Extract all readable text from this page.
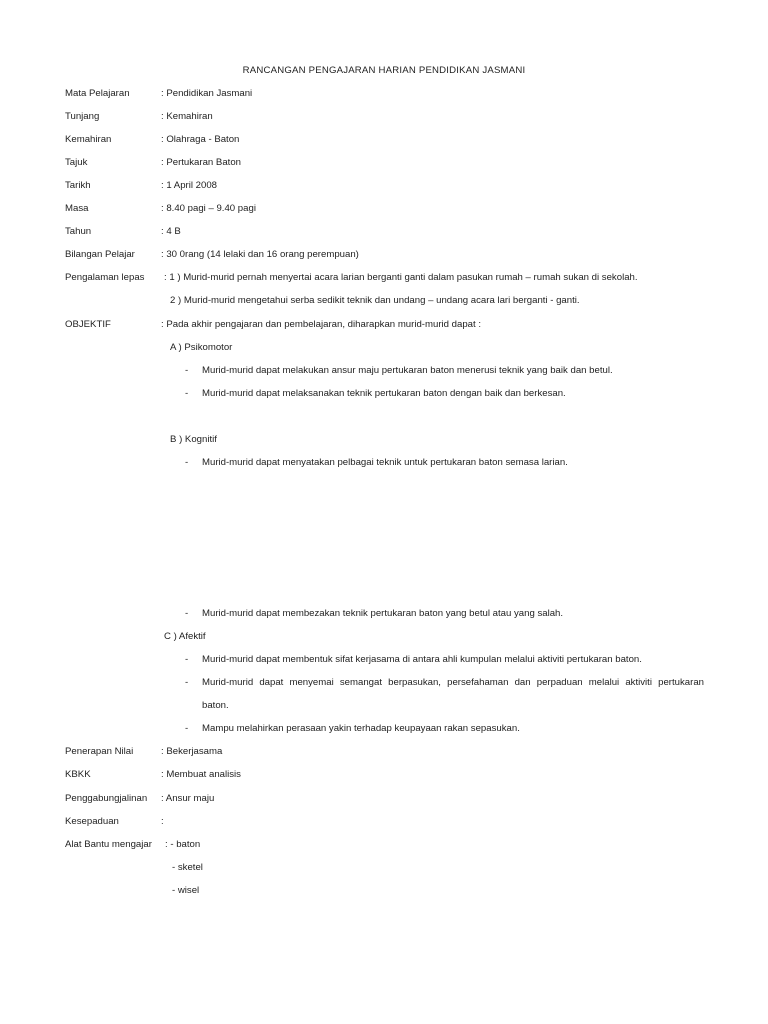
RANCANGAN PENGAJARAN HARIAN PENDIDIKAN JASMANI
Mata Pelajaran	: Pendidikan Jasmani
Tunjang	: Kemahiran
Kemahiran	: Olahraga - Baton
Tajuk	: Pertukaran Baton
Tarikh	: 1 April 2008
Masa	: 8.40 pagi – 9.40 pagi
Tahun	: 4 B
Bilangan Pelajar	: 30 0rang (14 lelaki dan 16 orang perempuan)
Pengalaman lepas : 1 ) Murid-murid pernah menyertai acara larian berganti ganti dalam pasukan rumah – rumah sukan di sekolah.
2 ) Murid-murid mengetahui serba sedikit teknik dan undang – undang acara lari berganti - ganti.
OBJEKTIF	: Pada akhir pengajaran dan pembelajaran, diharapkan murid-murid dapat :
A ) Psikomotor
- Murid-murid dapat melakukan ansur maju pertukaran baton menerusi teknik yang baik dan betul.
- Murid-murid dapat melaksanakan teknik pertukaran baton dengan baik dan berkesan.
B ) Kognitif
- Murid-murid dapat menyatakan pelbagai teknik untuk pertukaran baton semasa larian.
- Murid-murid dapat membezakan teknik pertukaran baton yang betul atau yang salah.
C ) Afektif
- Murid-murid dapat membentuk sifat kerjasama di antara ahli kumpulan melalui aktiviti pertukaran baton.
- Murid-murid dapat menyemai semangat berpasukan, persefahaman dan perpaduan melalui aktiviti pertukaran
baton.
- Mampu melahirkan perasaan yakin terhadap keupayaan rakan sepasukan.
Penerapan Nilai	: Bekerjasama
KBKK	: Membuat analisis
Penggabungjalinan : Ansur maju
Kesepaduan	:
Alat Bantu mengajar : - baton
- sketel
- wisel
